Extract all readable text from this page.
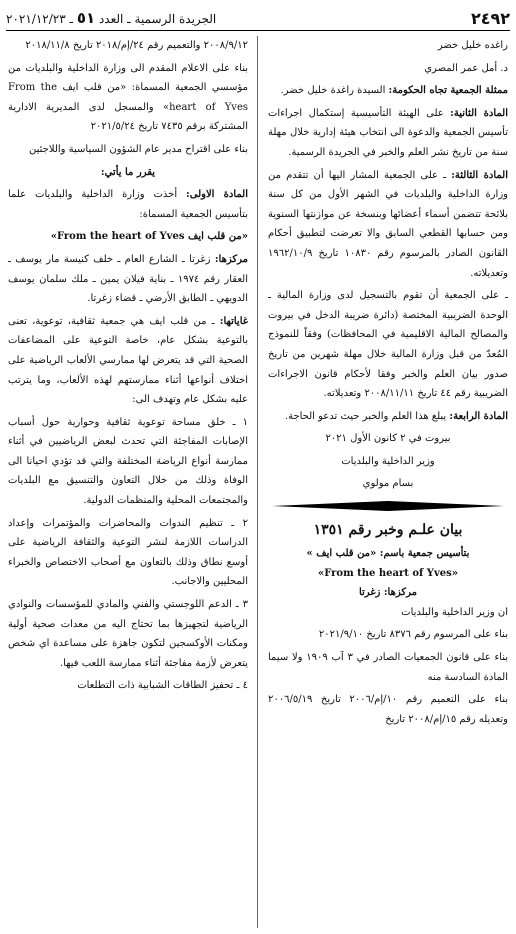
٢٤٩٢
الجريدة الرسمية ـ العدد ٥١ ـ ٢٠٢١/١٢/٢٣

راغده خليل خضر

د. أمل عمر المصري

ممثلة الجمعية تجاه الحكومة: السيدة راغدة خليل خضر.

المادة الثانية: على الهيئة التأسيسية إستكمال اجراءات تأسيس الجمعية والدعوة الى انتخاب هيئة إدارية خلال مهلة سنة من تاريخ نشر العلم والخبر في الجريدة الرسمية.

المادة الثالثة: ـ على الجمعية المشار اليها أن تتقدم من وزارة الداخلية والبلديات في الشهر الأول من كل سنة بلائحة تتضمن أسماء أعضائها وبنسخة عن موازنتها السنوية ومن حسابها القطعي السابق والا تعرضت لتطبيق أحكام القانون الصادر بالمرسوم رقم ١٠٨٣٠ تاريخ ١٩٦٢/١٠/٩ وتعديلاته.

ـ على الجمعية أن تقوم بالتسجيل لدى وزارة المالية ـ الوحدة الضريبية المختصة (دائرة ضريبة الدخل في بيروت والمصالح المالية الاقليمية في المحافظات) وفقاً للنموذج المُعدّ من قبل وزارة المالية خلال مهلة شهرين من تاريخ صدور بيان العلم والخبر وفقا لأحكام قانون الاجراءات الضريبية رقم ٤٤ تاريخ ٢٠٠٨/١١/١١ وتعديلاته.

المادة الرابعة: يبلغ هذا العلم والخبر حيث تدعو الحاجة.

بيروت في ٢ كانون الأول ٢٠٢١

وزير الداخلية والبلديات

بسام مولوي

بيان علـم وخبر رقم ١٣٥١
بتأسيس جمعية باسم: «من قلب ايف »
«From the heart of Yves»
مركزها: زغرتا

ان وزير الداخلية والبلديات

بناء على المرسوم رقم ٨٣٧٦ تاريخ ٢٠٢١/٩/١٠

بناء على قانون الجمعيات الصادر في ٣ آب ١٩٠٩ ولا سيما المادة السادسة منه

بناء على التعميم رقم ١٠/إم/٢٠٠٦ تاريخ ٢٠٠٦/٥/١٩ وتعديله رقم ١٥/إم/٢٠٠٨ تاريخ

٢٠٠٨/٩/١٢ والتعميم رقم ٢٤/إم/٢٠١٨ تاريخ ٢٠١٨/١١/٨

بناء على الاعلام المقدم الى وزارة الداخلية والبلديات من مؤسسي الجمعية المسماة: «من قلب ايف From the heart of Yves» والمسجل لدى المديرية الادارية المشتركة برقم ٧٤٣٥ تاريخ ٢٠٢١/٥/٢٤

بناء على اقتراح مدير عام الشؤون السياسية واللاجئين

يقرر ما يأتي:

المادة الاولى: أخذت وزارة الداخلية والبلديات علما بتأسيس الجمعية المسماة:

«من قلب ايف From the heart of Yves»

مركزها: زغرتا ـ الشارع العام ـ خلف كنيسة مار يوسف ـ العقار رقم ١٩٧٤ ـ بناية فيلان يمين ـ ملك سلمان يوسف الدويهي ـ الطابق الأرضي ـ قضاء زغرتا.

غاياتها: ـ من قلب ايف هي جمعية ثقافية، توعوية، تعنى بالتوعية بشكل عام، خاصة التوعية على المضاعفات الصحية التي قد يتعرض لها ممارسي الألعاب الرياضية على اختلاف أنواعها أثناء ممارستهم لهذه الألعاب، وما يترتب عليه بشكل عام وتهدف الى:

١ ـ خلق مساحة توعوية ثقافية وحوارية حول أسباب الإصابات المفاجئة التي تحدث لبعض الرياضيين في أثناء ممارسة أنواع الرياضة المختلفة والتي قد تؤدي احيانا الى الوفاة وذلك من خلال التعاون والتنسيق مع البلديات والمجتمعات المحلية والمنظمات الدولية.

٢ ـ تنظيم الندوات والمحاضرات والمؤتمرات وإعداد الدراسات اللازمة لنشر التوعية والثقافة الرياضية على أوسع نطاق وذلك بالتعاون مع أصحاب الاختصاص والخبراء المحليين والاجانب.

٣ ـ الدعم اللوجستي والفني والمادي للمؤسسات والنوادي الرياضية لتجهيزها بما تحتاج اليه من معدات صحية أولية ومكنات الأوكسجين لتكون جاهزة على مساعدة اي شخص يتعرض لأزمة مفاجئة أثناء ممارسة اللعب فيها.

٤ ـ تحفيز الطاقات الشبابية ذات التطلعات
